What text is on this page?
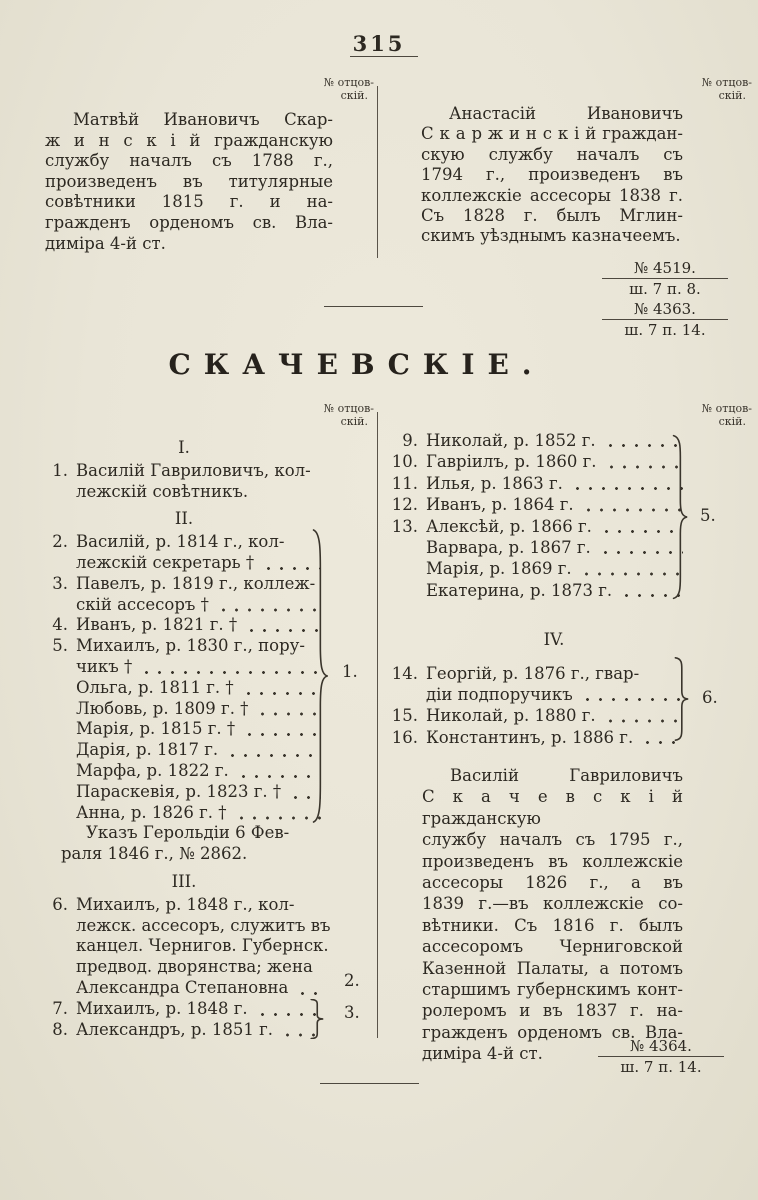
315
№ отцов-
скій.
№ отцов-
скій.
Матвѣй Ивановичъ Скар-
ж и н с к і й гражданскую
службу началъ съ 1788 г.,
произведенъ въ титулярные
совѣтники 1815 г. и на-
гражденъ орденомъ св. Вла-
диміра 4-й ст.
Анастасій Ивановичъ
С к а р ж и н с к і й граждан-
скую службу началъ съ
1794 г., произведенъ въ
коллежскіе ассесоры 1838 г.
Съ 1828 г. былъ Мглин-
скимъ уѣзднымъ казначеемъ.
№ 4519.
ш. 7 п. 8.
№ 4363.
ш. 7 п. 14.
СКАЧЕВСКІЕ.
№ отцов-
скій.
№ отцов-
скій.
I.
1. Василій Гавриловичъ, кол-
лежскій совѣтникъ.
II.
2. Василій, р. 1814 г., кол-
лежскій секретарь †
3. Павелъ, р. 1819 г., коллеж-
скій ассесоръ †
4. Иванъ, р. 1821 г. †
5. Михаилъ, р. 1830 г., пору-
чикъ †
Ольга, р. 1811 г. †
Любовь, р. 1809 г. †
Марія, р. 1815 г. †
Дарія, р. 1817 г.
Марфа, р. 1822 г.
Параскевія, р. 1823 г. †
Анна, р. 1826 г. †
Указъ Герольдіи 6 Фев-
раля 1846 г., № 2862.
III.
6. Михаилъ, р. 1848 г., кол-
лежск. ассесоръ, служитъ въ
канцел. Чернигов. Губернск.
предвод. дворянства; жена
Александра Степановна
7. Михаилъ, р. 1848 г.
8. Александръ, р. 1851 г.
9. Николай, р. 1852 г.
10. Гавріилъ, р. 1860 г.
11. Илья, р. 1863 г.
12. Иванъ, р. 1864 г.
13. Алексѣй, р. 1866 г.
Варвара, р. 1867 г.
Марія, р. 1869 г.
Екатерина, р. 1873 г.
IV.
14. Георгій, р. 1876 г., гвар-
діи подпоручикъ
15. Николай, р. 1880 г.
16. Константинъ, р. 1886 г.
1.
2.
3.
5.
6.
Василій Гавриловичъ
С к а ч е в с к і й гражданскую
службу началъ съ 1795 г.,
произведенъ въ коллежскіе
ассесоры 1826 г., а въ
1839 г.—въ коллежскіе со-
вѣтники. Съ 1816 г. былъ
ассесоромъ Черниговской
Казенной Палаты, а потомъ
старшимъ губернскимъ конт-
ролеромъ и въ 1837 г. на-
гражденъ орденомъ св. Вла-
диміра 4-й ст.	№ 4364.
ш. 7 п. 14.
